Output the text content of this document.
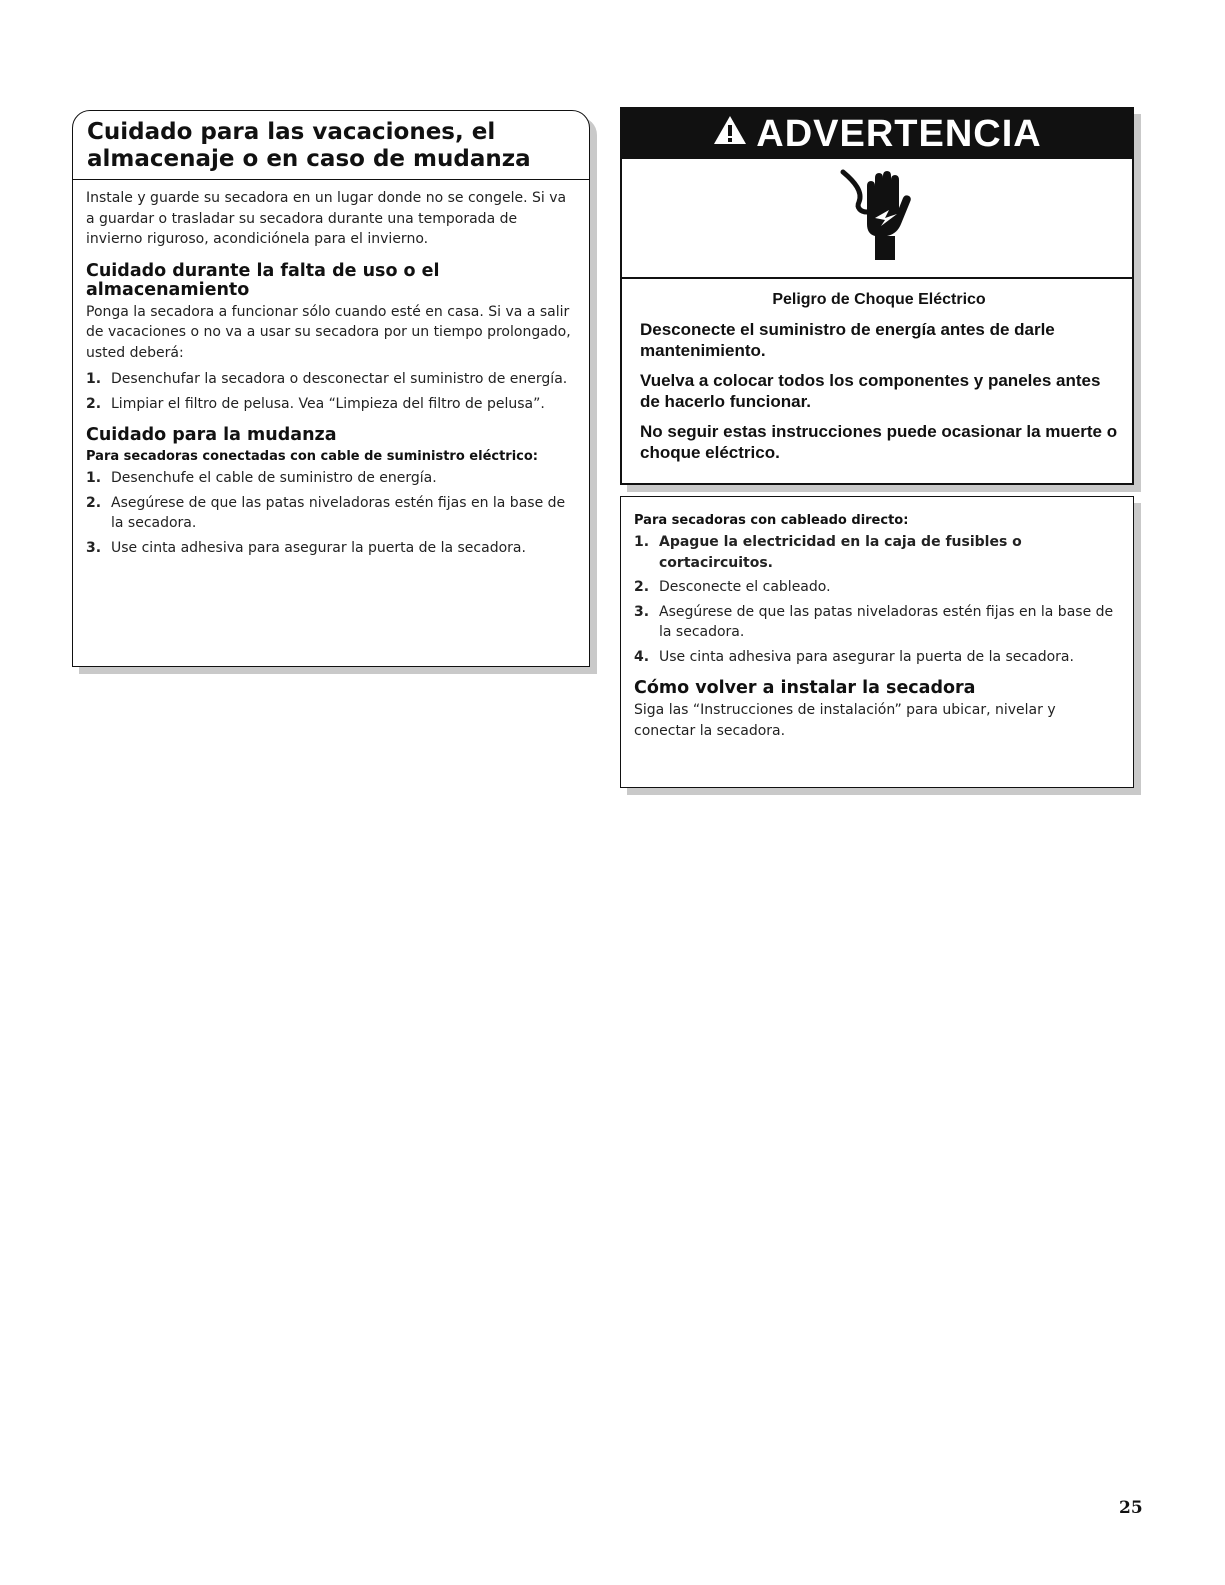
Cuidado para las vacaciones, el almacenaje o en caso de mudanza

Instale y guarde su secadora en un lugar donde no se congele. Si va a guardar o trasladar su secadora durante una temporada de invierno riguroso, acondiciónela para el invierno.

Cuidado durante la falta de uso o el almacenamiento

Ponga la secadora a funcionar sólo cuando esté en casa. Si va a salir de vacaciones o no va a usar su secadora por un tiempo prolongado, usted deberá:

1. Desenchufar la secadora o desconectar el suministro de energía.
2. Limpiar el filtro de pelusa. Vea “Limpieza del filtro de pelusa”.
Cuidado para la mudanza
Para secadoras conectadas con cable de suministro eléctrico:
1. Desenchufe el cable de suministro de energía.
2. Asegúrese de que las patas niveladoras estén fijas en la base de la secadora.
3. Use cinta adhesiva para asegurar la puerta de la secadora.
ADVERTENCIA
Peligro de Choque Eléctrico

Desconecte el suministro de energía antes de darle mantenimiento.

Vuelva a colocar todos los componentes y paneles antes de hacerlo funcionar.

No seguir estas instrucciones puede ocasionar la muerte o choque eléctrico.

Para secadoras con cableado directo:
1. Apague la electricidad en la caja de fusibles o cortacircuitos.
2. Desconecte el cableado.
3. Asegúrese de que las patas niveladoras estén fijas en la base de la secadora.
4. Use cinta adhesiva para asegurar la puerta de la secadora.
Cómo volver a instalar la secadora

Siga las “Instrucciones de instalación” para ubicar, nivelar y conectar la secadora.

25
